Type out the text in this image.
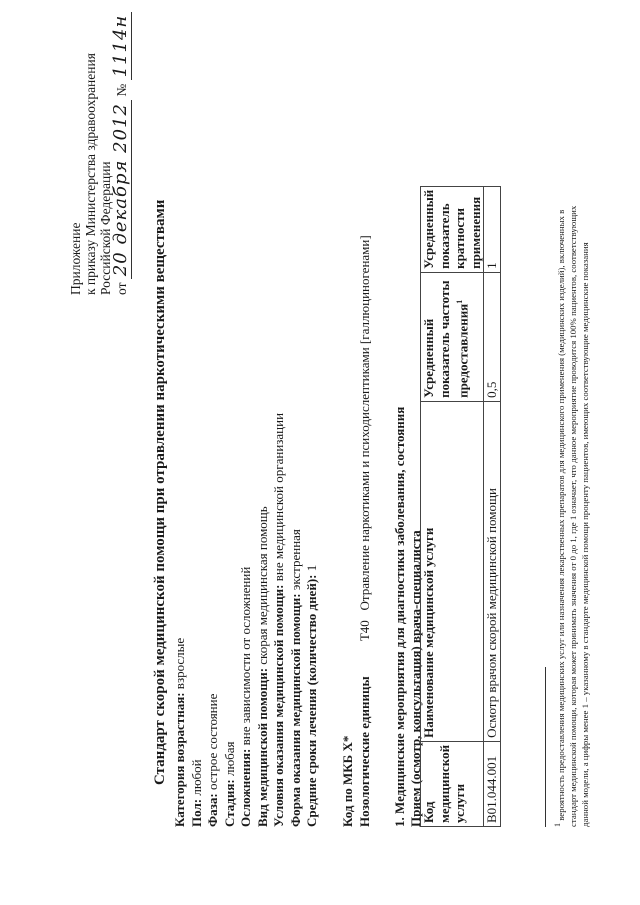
Приложение к приказу Министерства здравоохранения Российской Федерации от 20 декабря 2012 № 1114н
Стандарт скорой медицинской помощи при отравлении наркотическими веществами Категория возрастная: взрослые
Пол: любой
Фаза: острое состояние
Стадия: любая Осложнения: вне зависимости от осложнений
Вид медицинской помощи: скорая медицинская помощь Условия оказания медицинской помощи: вне медицинской организации
Форма оказания медицинской помощи: экстренная
Средние сроки лечения (количество дней): 1
Код по МКБ X* Нозологические единицы T40   Отравление наркотиками и психодислептиками [галлюциногенами] 1. Медицинские мероприятия для диагностики заболевания, состояния Прием (осмотр, консультация) врача-специалиста
Код медицинской услуги	Наименование медицинской услуги	Усредненный показатель частоты предоставления$^1$	Усредненный показатель кратности применения
B01.044.001	Осмотр врачом скорой медицинской помощи	0,5	1
$^1$ вероятность предоставления медицинских услуг или назначения лекарственных препаратов для медицинского применения (медицинских изделий), включенных в стандарт медицинской помощи, которая может принимать значения от 0 до 1, где 1 означает, что данное мероприятие проводится 100% пациентов, соответствующих данной модели, а цифры менее 1 – указанному в стандарте медицинской помощи проценту пациентов, имеющих соответствующие медицинские показания
